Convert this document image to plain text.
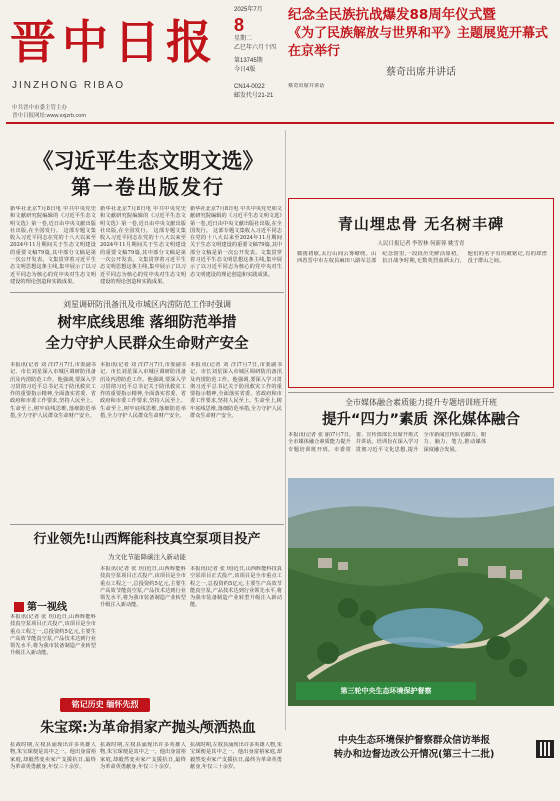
晋中日报
JINZHONG RIBAO
2025年7月
8
星期二
乙巳年六月十四
第13745期
今日4版
CN14-0022
邮发代号21-21
中共晋中市委主管主办
晋中日报网址:www.sxjzrb.com
纪念全民族抗战爆发88周年仪式暨
《为了民族解放与世界和平》主题展览开幕式在京举行
蔡奇出席并讲话
蔡奇出席并讲话
《习近平生态文明文选》
第一卷出版发行
新华社北京7月8日电 中共中央党史和文献研究院编辑的《习近平生态文明文选》第一卷,近日由中央文献出版社出版,在全国发行。 这部专题文集收入习近平同志在党的十八大以来至2024年11月期间关于生态文明建设的重要文稿79篇,其中部分文稿是第一次公开发表。文集贯穿着习近平生态文明思想这条主线,集中展示了以习近平同志为核心的党中央对生态文明建设的理论创造和实践成果。
新华社北京7月8日电 中共中央党史和文献研究院编辑的《习近平生态文明文选》第一卷,近日由中央文献出版社出版,在全国发行。 这部专题文集收入习近平同志在党的十八大以来至2024年11月期间关于生态文明建设的重要文稿79篇,其中部分文稿是第一次公开发表。文集贯穿着习近平生态文明思想这条主线,集中展示了以习近平同志为核心的党中央对生态文明建设的理论创造和实践成果。
新华社北京7月8日电 中共中央党史和文献研究院编辑的《习近平生态文明文选》第一卷,近日由中央文献出版社出版,在全国发行。 这部专题文集收入习近平同志在党的十八大以来至2024年11月期间关于生态文明建设的重要文稿79篇,其中部分文稿是第一次公开发表。文集贯穿着习近平生态文明思想这条主线,集中展示了以习近平同志为核心的党中央对生态文明建设的理论创造和实践成果。
青山埋忠骨 无名树丰碑
人民日报记者 李智林 何新蓉 姚雪青
微雨初歇,太行山间云雾缭绕。山西省晋中市左权县麻田八路军总部纪念馆里,一段段历史鲜活如初。抗日战争时期,无数英烈血洒太行,他们的名字有的被铭记,有的却湮没于群山之间。
刘星调研防汛备汛及市城区内涝防范工作时强调
树牢底线思维 落细防范举措
全力守护人民群众生命财产安全
本报讯(记者 刘 洋)7月7日,市委副书记、市长刘星深入市城区调研防汛备汛及内涝防范工作。他强调,要深入学习贯彻习近平总书记关于防汛救灾工作的重要指示精神,全面落实省委、省政府和市委工作要求,坚持人民至上、生命至上,树牢底线思维,落细防范举措,全力守护人民群众生命财产安全。
本报讯(记者 刘 洋)7月7日,市委副书记、市长刘星深入市城区调研防汛备汛及内涝防范工作。他强调,要深入学习贯彻习近平总书记关于防汛救灾工作的重要指示精神,全面落实省委、省政府和市委工作要求,坚持人民至上、生命至上,树牢底线思维,落细防范举措,全力守护人民群众生命财产安全。
本报讯(记者 刘 洋)7月7日,市委副书记、市长刘星深入市城区调研防汛备汛及内涝防范工作。他强调,要深入学习贯彻习近平总书记关于防汛救灾工作的重要指示精神,全面落实省委、省政府和市委工作要求,坚持人民至上、生命至上,树牢底线思维,落细防范举措,全力守护人民群众生命财产安全。
全市媒体融合素质能力提升专题培训班开班
提升“四力”素质 深化媒体融合
本报讯(记者 张 丽)7月7日,全市媒体融合素质能力提升专题培训班开班。市委常委、宣传部部长出席开班式并讲话。培训旨在深入学习贯彻习近平文化思想,提升全市新闻宣传队伍脚力、眼力、脑力、笔力,推动媒体深度融合发展。
行业领先!山西辉能科技真空泵项目投产
为文化节能降碳注入新动能
第一视线
本报讯(记者 张 玥)近日,山西辉能科技真空泵项目正式投产,该项目是全市重点工程之一,总投资约5亿元,主要生产高效节能真空泵,产品技术达到行业领先水平,将为我市装备制造产业转型升级注入新动能。
本报讯(记者 张 玥)近日,山西辉能科技真空泵项目正式投产,该项目是全市重点工程之一,总投资约5亿元,主要生产高效节能真空泵,产品技术达到行业领先水平,将为我市装备制造产业转型升级注入新动能。
本报讯(记者 张 玥)近日,山西辉能科技真空泵项目正式投产,该项目是全市重点工程之一,总投资约5亿元,主要生产高效节能真空泵,产品技术达到行业领先水平,将为我市装备制造产业转型升级注入新动能。
铭记历史 缅怀先烈
朱宝琛:为革命捐家产抛头颅洒热血
抗战时期,左权县涌现出许多英雄人物,朱宝琛便是其中之一。他出身富裕家庭,却毅然变卖家产支援抗日,最终为革命英勇献身,年仅三十余岁。
抗战时期,左权县涌现出许多英雄人物,朱宝琛便是其中之一。他出身富裕家庭,却毅然变卖家产支援抗日,最终为革命英勇献身,年仅三十余岁。
抗战时期,左权县涌现出许多英雄人物,朱宝琛便是其中之一。他出身富裕家庭,却毅然变卖家产支援抗日,最终为革命英勇献身,年仅三十余岁。
第三轮中央生态环境保护督察
中央生态环境保护督察群众信访举报
转办和边督边改公开情况(第三十二批)
